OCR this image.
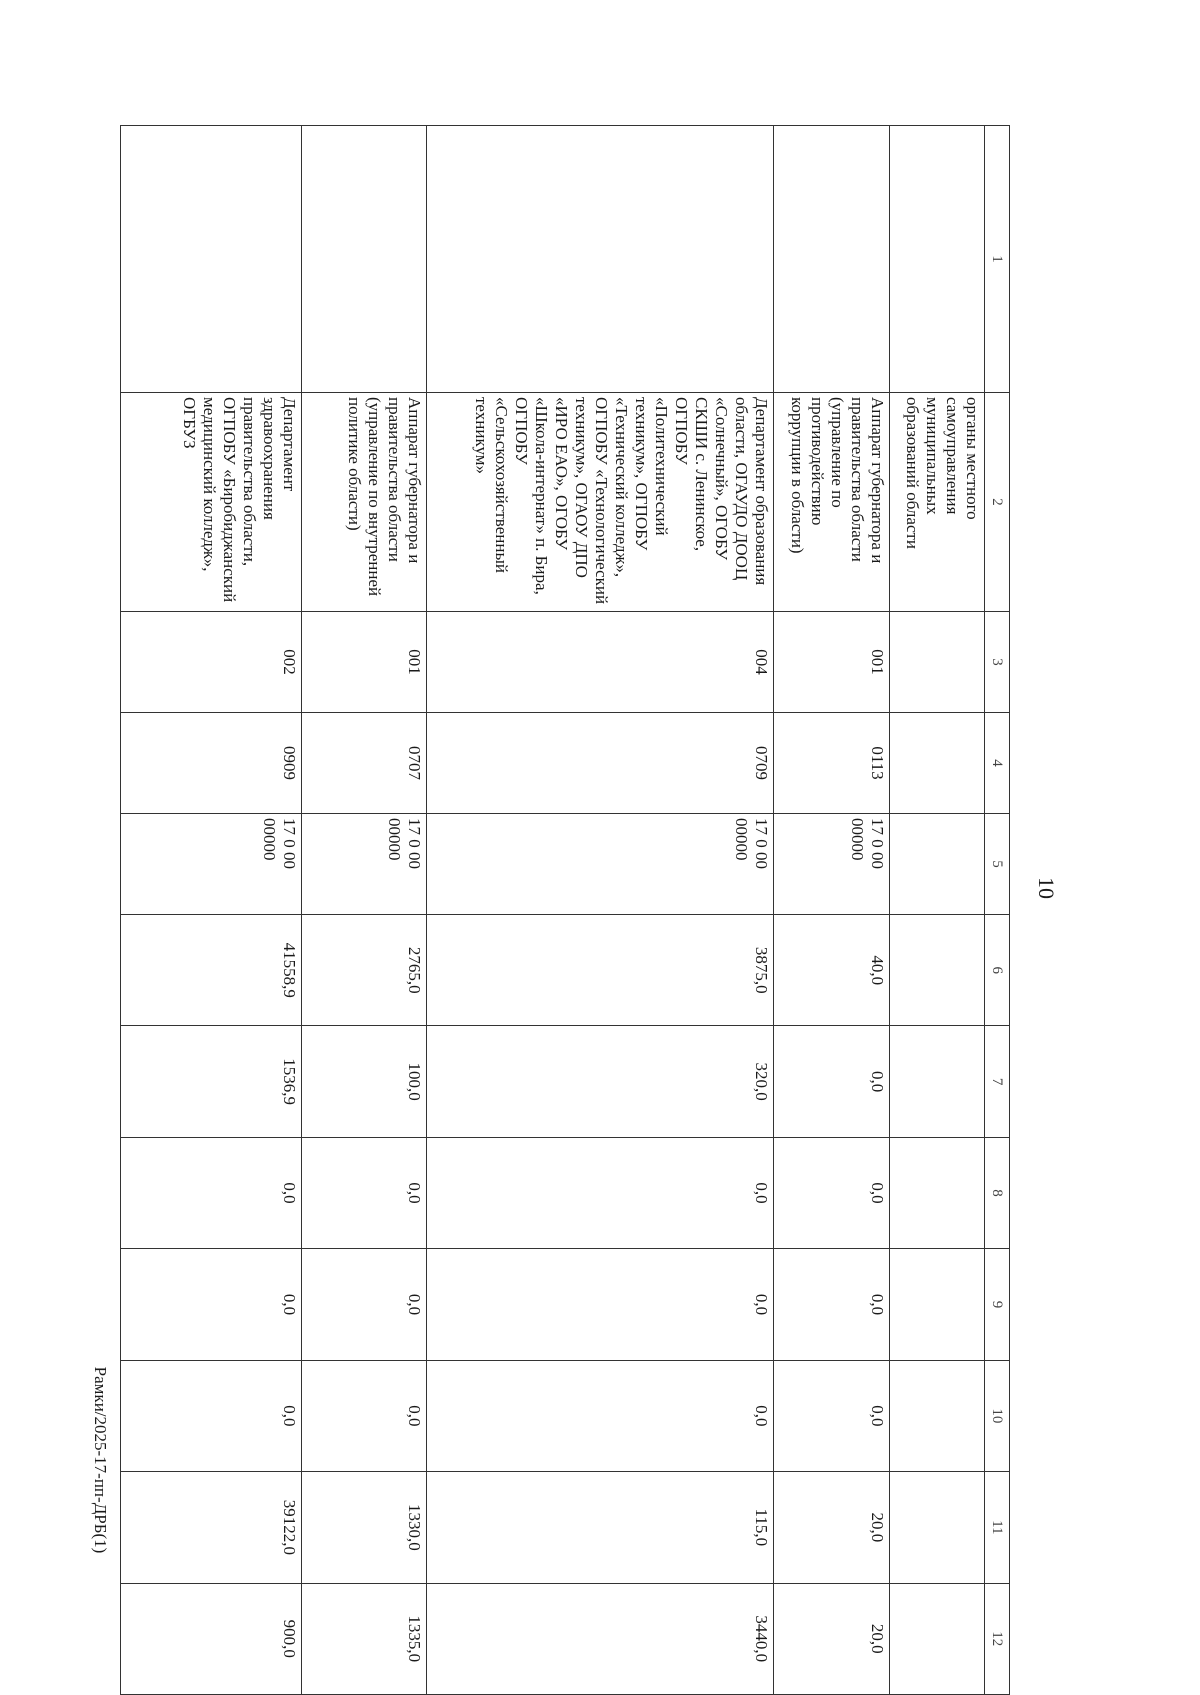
10
Рамки/2025-17-пп-ДРБ(1)
1	2	3	4	5	6	7	8	9	10	11	12
	органы местного самоуправления муниципальных образований области										
	Аппарат губернатора и правительства области (управление по противодействию коррупции в области)	001	0113	17 0 00 00000	40,0	0,0	0,0	0,0	0,0	20,0	20,0
	Департамент образования области, ОГАУДО ДООЦ «Солнечный», ОГОБУ СКШИ с. Ленинское, ОГПОБУ «Политехнический техникум», ОГПОБУ «Технический колледж», ОГПОБУ «Технологический техникум», ОГАОУ ДПО «ИРО ЕАО», ОГОБУ «Школа-интернат» п. Бира, ОГПОБУ «Сельскохозяйственный техникум»	004	0709	17 0 00 00000	3875,0	320,0	0,0	0,0	0,0	115,0	3440,0
	Аппарат губернатора и правительства области (управление по внутренней политике области)	001	0707	17 0 00 00000	2765,0	100,0	0,0	0,0	0,0	1330,0	1335,0
	Департамент здравоохранения правительства области, ОГПОБУ «Биробиджанский медицинский колледж», ОГБУЗ	002	0909	17 0 00 00000	41558,9	1536,9	0,0	0,0	0,0	39122,0	900,0
